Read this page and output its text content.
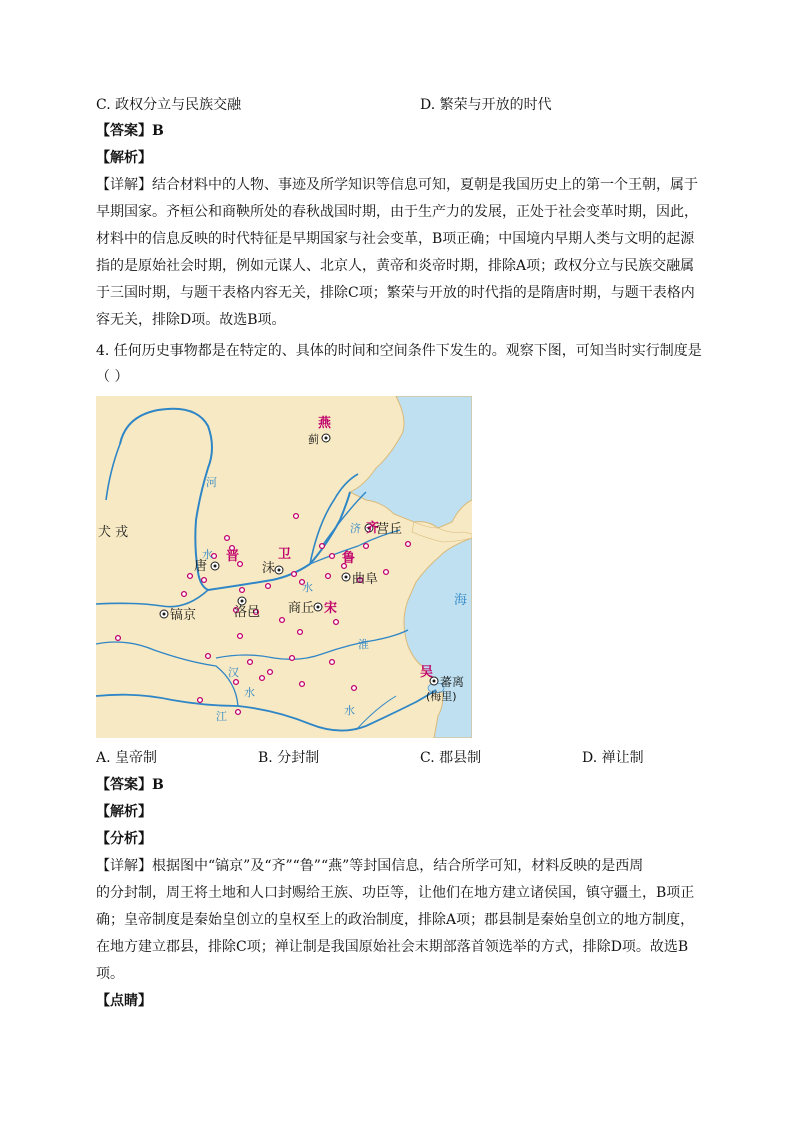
C. 政权分立与民族交融	D. 繁荣与开放的时代
【答案】B
【解析】
【详解】结合材料中的人物、事迹及所学知识等信息可知，夏朝是我国历史上的第一个王朝，属于
早期国家。齐桓公和商鞅所处的春秋战国时期，由于生产力的发展，正处于社会变革时期，因此，
材料中的信息反映的时代特征是早期国家与社会变革，B项正确；中国境内早期人类与文明的起源
指的是原始社会时期，例如元谋人、北京人，黄帝和炎帝时期，排除A项；政权分立与民族交融属
于三国时期，与题干表格内容无关，排除C项；繁荣与开放的时代指的是隋唐时期，与题干表格内
容无关，排除D项。故选B项。
4. 任何历史事物都是在特定的、具体的时间和空间条件下发生的。观察下图，可知当时实行制度是
（ ）
燕
蓟
犬 戎
河
济 齐
营丘
唐
晋	卫
沬
鲁
曲阜
水
水
镐京	洛邑 商丘 宋
海
淮
汉
江
水
水
吴
蕃离
(梅里)
A. 皇帝制	B. 分封制	C. 郡县制	D. 禅让制
【答案】B
【解析】
【分析】
【详解】根据图中“镐京”及“齐”“鲁”“燕”等封国信息，结合所学可知，材料反映的是西周
的分封制，周王将土地和人口封赐给王族、功臣等，让他们在地方建立诸侯国，镇守疆土，B项正
确；皇帝制度是秦始皇创立的皇权至上的政治制度，排除A项；郡县制是秦始皇创立的地方制度，
在地方建立郡县，排除C项；禅让制是我国原始社会末期部落首领选举的方式，排除D项。故选B
项。
【点睛】
